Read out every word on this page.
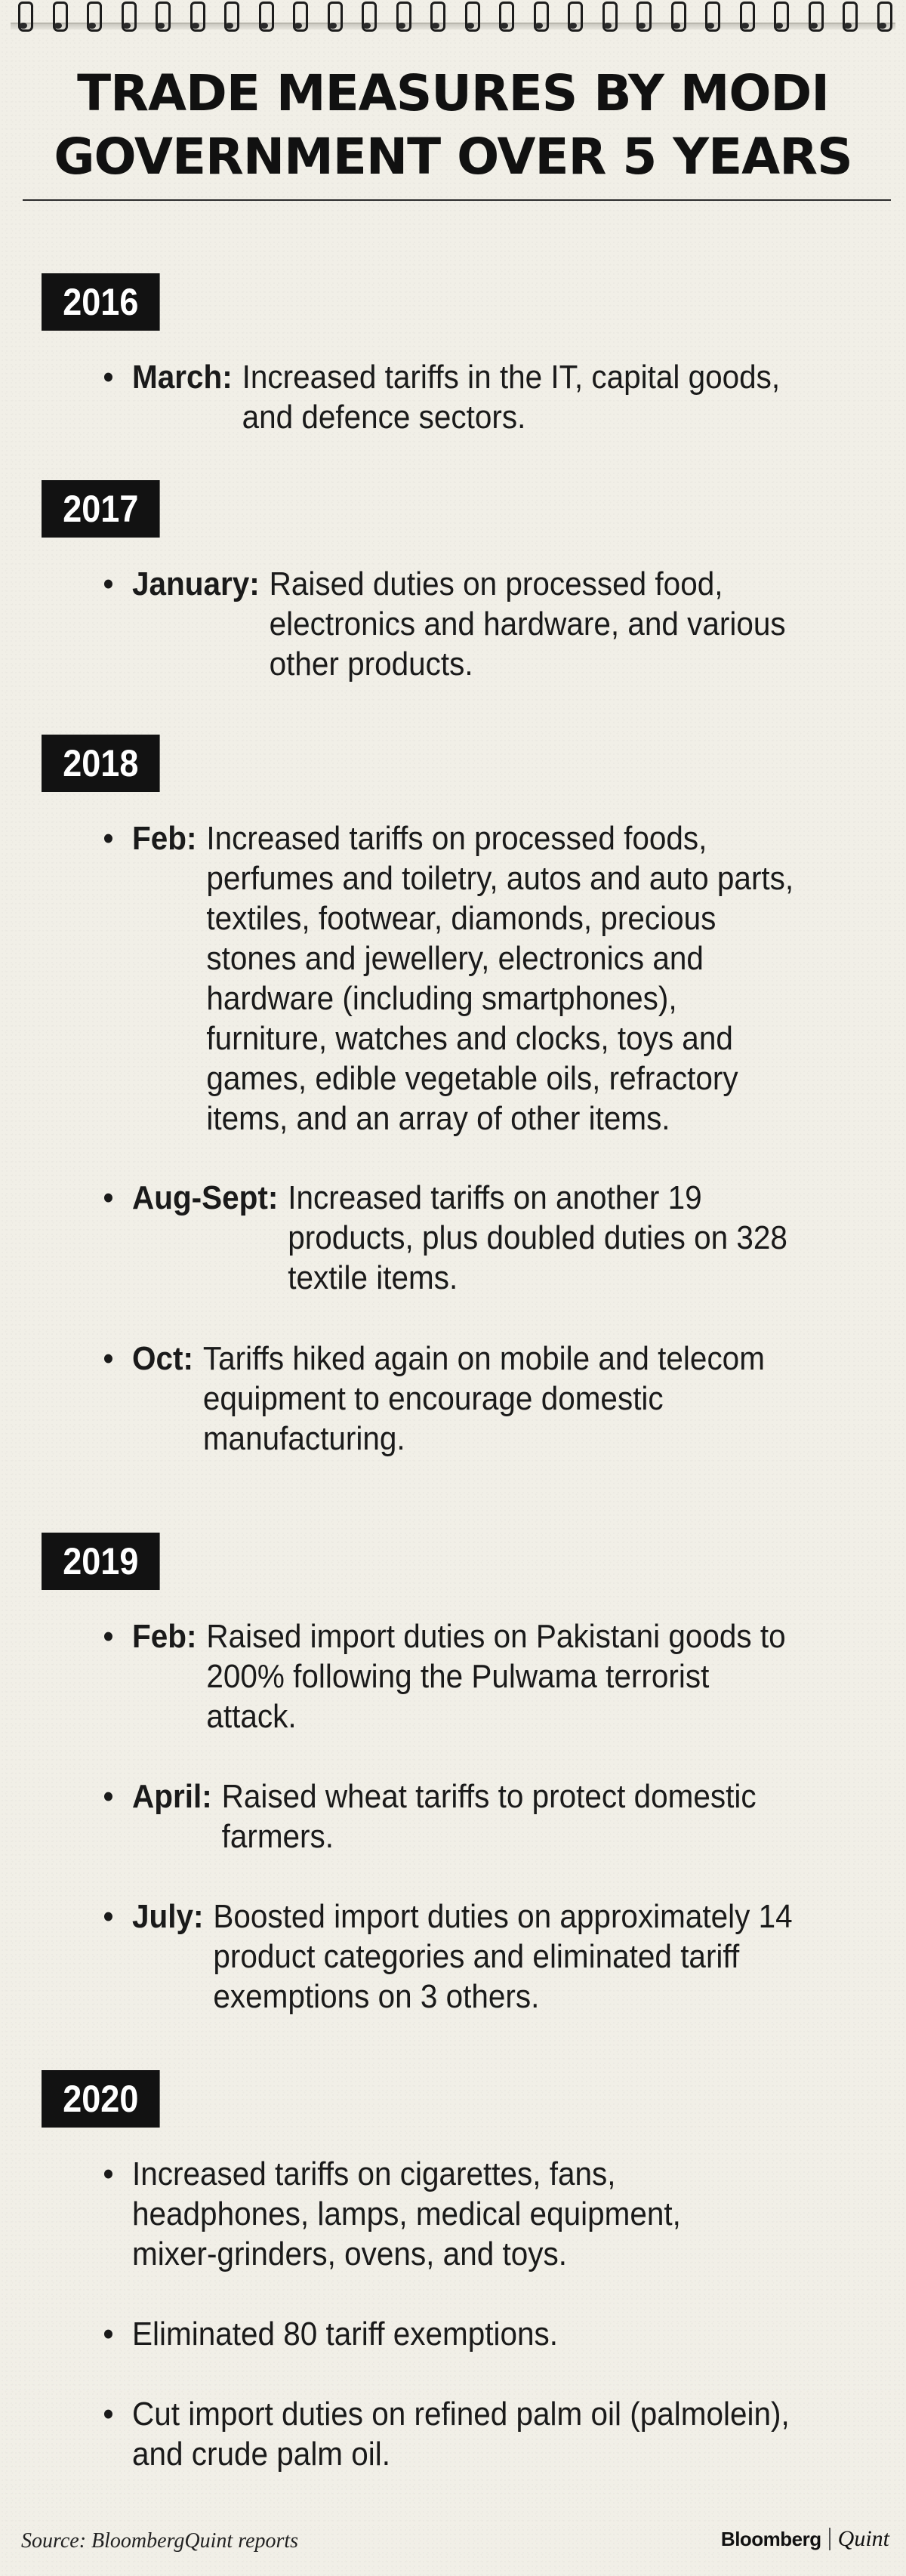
TRADE MEASURES BY MODI
GOVERNMENT OVER 5 YEARS
2016
• March: Increased tariffs in the IT, capital goods, and defence sectors.
2017
• January: Raised duties on processed food, electronics and hardware, and various other products.
2018
• Feb: Increased tariffs on processed foods, perfumes and toiletry, autos and auto parts, textiles, footwear, diamonds, precious stones and jewellery, electronics and hardware (including smartphones), furniture, watches and clocks, toys and games, edible vegetable oils, refractory items, and an array of other items.
• Aug-Sept: Increased tariffs on another 19 products, plus doubled duties on 328 textile items.
• Oct: Tariffs hiked again on mobile and telecom equipment to encourage domestic manufacturing.
2019
• Feb: Raised import duties on Pakistani goods to 200% following the Pulwama terrorist attack.
• April: Raised wheat tariffs to protect domestic farmers.
• July: Boosted import duties on approximately 14 product categories and eliminated tariff exemptions on 3 others.
2020
• Increased tariffs on cigarettes, fans, headphones, lamps, medical equipment, mixer-grinders, ovens, and toys.
• Eliminated 80 tariff exemptions.
• Cut import duties on refined palm oil (palmolein), and crude palm oil.
Source: BloombergQuint reports	Bloomberg Quint
